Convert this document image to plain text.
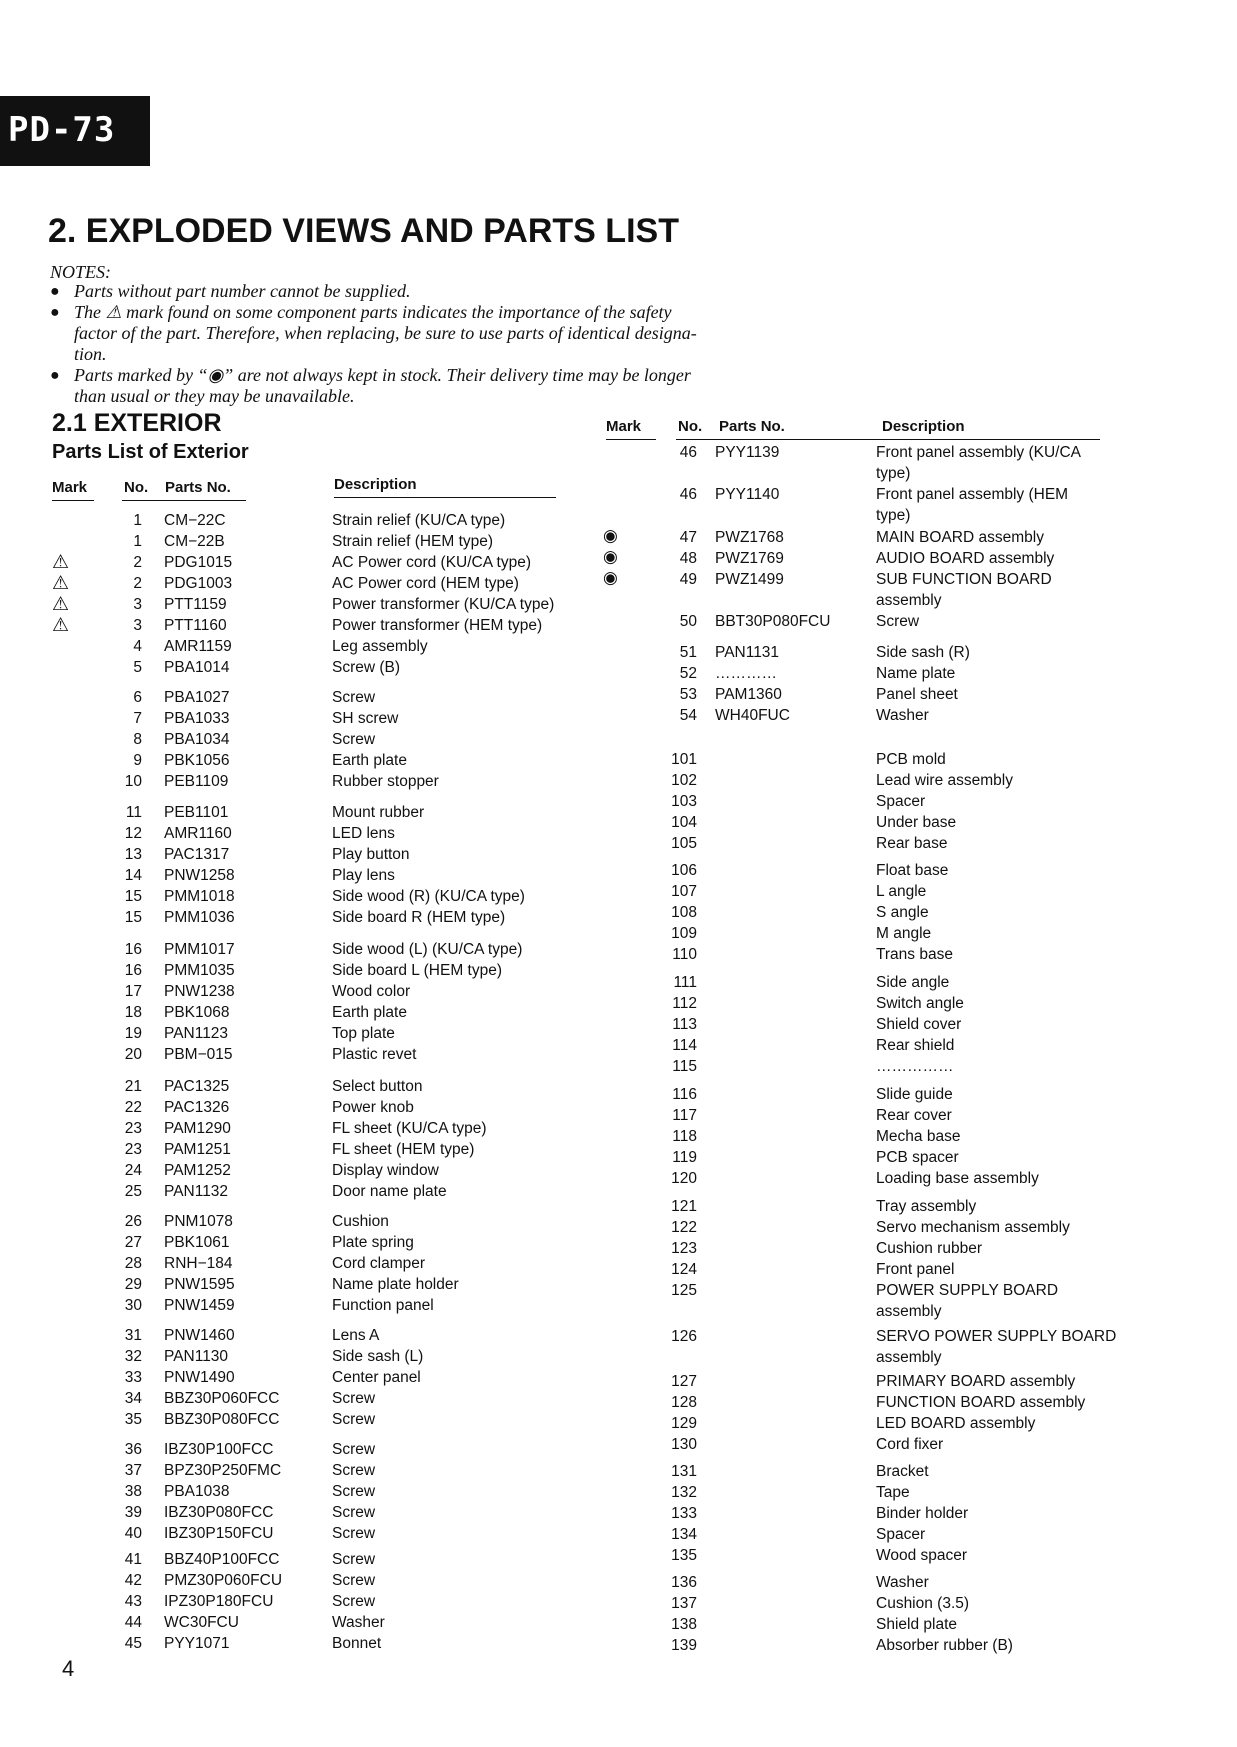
PD-73
2. EXPLODED VIEWS AND PARTS LIST
NOTES:
● Parts without part number cannot be supplied.
● The ⚠ mark found on some component parts indicates the importance of the safety
factor of the part. Therefore, when replacing, be sure to use parts of identical designa-
tion.
● Parts marked by “◉” are not always kept in stock. Their delivery time may be longer
than usual or they may be unavailable.
2.1 EXTERIOR
Parts List of Exterior
Mark No. Parts No.	Description
Mark No. Parts No.	Description
1 CM−22C	Strain relief (KU/CA type)
1 CM−22B	Strain relief (HEM type)
⚠	2 PDG1015	AC Power cord (KU/CA type)
⚠	2 PDG1003	AC Power cord (HEM type)
⚠	3 PTT1159	Power transformer (KU/CA type)
⚠	3 PTT1160	Power transformer (HEM type)
4 AMR1159	Leg assembly
5 PBA1014	Screw (B)
6 PBA1027	Screw
7 PBA1033	SH screw
8 PBA1034	Screw
9 PBK1056	Earth plate
10 PEB1109	Rubber stopper
11 PEB1101	Mount rubber
12 AMR1160	LED lens
13 PAC1317	Play button
14 PNW1258	Play lens
15 PMM1018	Side wood (R) (KU/CA type)
15 PMM1036	Side board R (HEM type)
16 PMM1017	Side wood (L) (KU/CA type)
16 PMM1035	Side board L (HEM type)
17 PNW1238	Wood color
18 PBK1068	Earth plate
19 PAN1123	Top plate
20 PBM−015	Plastic revet
21 PAC1325	Select button
22 PAC1326	Power knob
23 PAM1290	FL sheet (KU/CA type)
23 PAM1251	FL sheet (HEM type)
24 PAM1252	Display window
25 PAN1132	Door name plate
26 PNM1078	Cushion
27 PBK1061	Plate spring
28 RNH−184	Cord clamper
29 PNW1595	Name plate holder
30 PNW1459	Function panel
31 PNW1460	Lens A
32 PAN1130	Side sash (L)
33 PNW1490	Center panel
34 BBZ30P060FCC	Screw
35 BBZ30P080FCC	Screw
36 IBZ30P100FCC	Screw
37 BPZ30P250FMC	Screw
38 PBA1038	Screw
39 IBZ30P080FCC	Screw
40 IBZ30P150FCU	Screw
41 BBZ40P100FCC	Screw
42 PMZ30P060FCU	Screw
43 IPZ30P180FCU	Screw
44 WC30FCU	Washer
45 PYY1071	Bonnet
46 PYY1139	Front panel assembly (KU/CA
type)
46 PYY1140	Front panel assembly (HEM
type)
◉	47 PWZ1768	MAIN BOARD assembly
◉	48 PWZ1769	AUDIO BOARD assembly
◉	49 PWZ1499	SUB FUNCTION BOARD
assembly
50 BBT30P080FCU	Screw
51 PAN1131	Side sash (R)
52 …………	Name plate
53 PAM1360	Panel sheet
54 WH40FUC	Washer
101	PCB mold
102	Lead wire assembly
103	Spacer
104	Under base
105	Rear base
106	Float base
107	L angle
108	S angle
109	M angle
110	Trans base
111	Side angle
112	Switch angle
113	Shield cover
114	Rear shield
115	……………
116	Slide guide
117	Rear cover
118	Mecha base
119	PCB spacer
120	Loading base assembly
121	Tray assembly
122	Servo mechanism assembly
123	Cushion rubber
124	Front panel
125	POWER SUPPLY BOARD
assembly
126	SERVO POWER SUPPLY BOARD
assembly
127	PRIMARY BOARD assembly
128	FUNCTION BOARD assembly
129	LED BOARD assembly
130	Cord fixer
131	Bracket
132	Tape
133	Binder holder
134	Spacer
135	Wood spacer
136	Washer
137	Cushion (3.5)
138	Shield plate
139	Absorber rubber (B)
4
